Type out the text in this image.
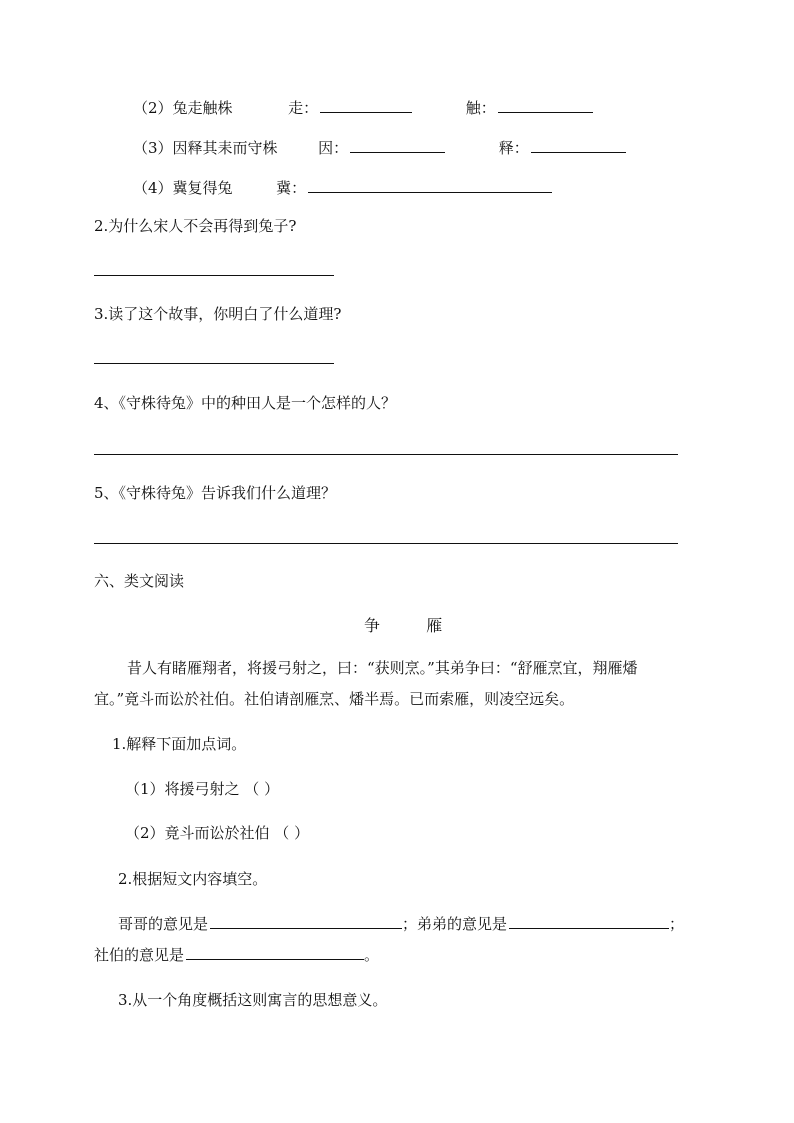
（2）兔走触株	走：	触：
（3）因释其耒而守株	因：	释：
（4）冀复得兔	冀：
2.为什么宋人不会再得到兔子?
3.读了这个故事，你明白了什么道理?
4、《守株待兔》中的种田人是一个怎样的人？
5、《守株待兔》告诉我们什么道理？
六、类文阅读
争	雁
昔人有睹雁翔者，将援弓射之，曰：“获则烹。”其弟争曰：“舒雁烹宜，翔雁燔
宜。”竟斗而讼於社伯。社伯请剖雁烹、燔半焉。已而索雁，则凌空远矣。
1.解释下面加点词。
（1）将援弓射之 （ ）
（2）竟斗而讼於社伯 （ ）
2.根据短文内容填空。
哥哥的意见是	；弟弟的意见是	；
社伯的意见是	。
3.从一个角度概括这则寓言的思想意义。
